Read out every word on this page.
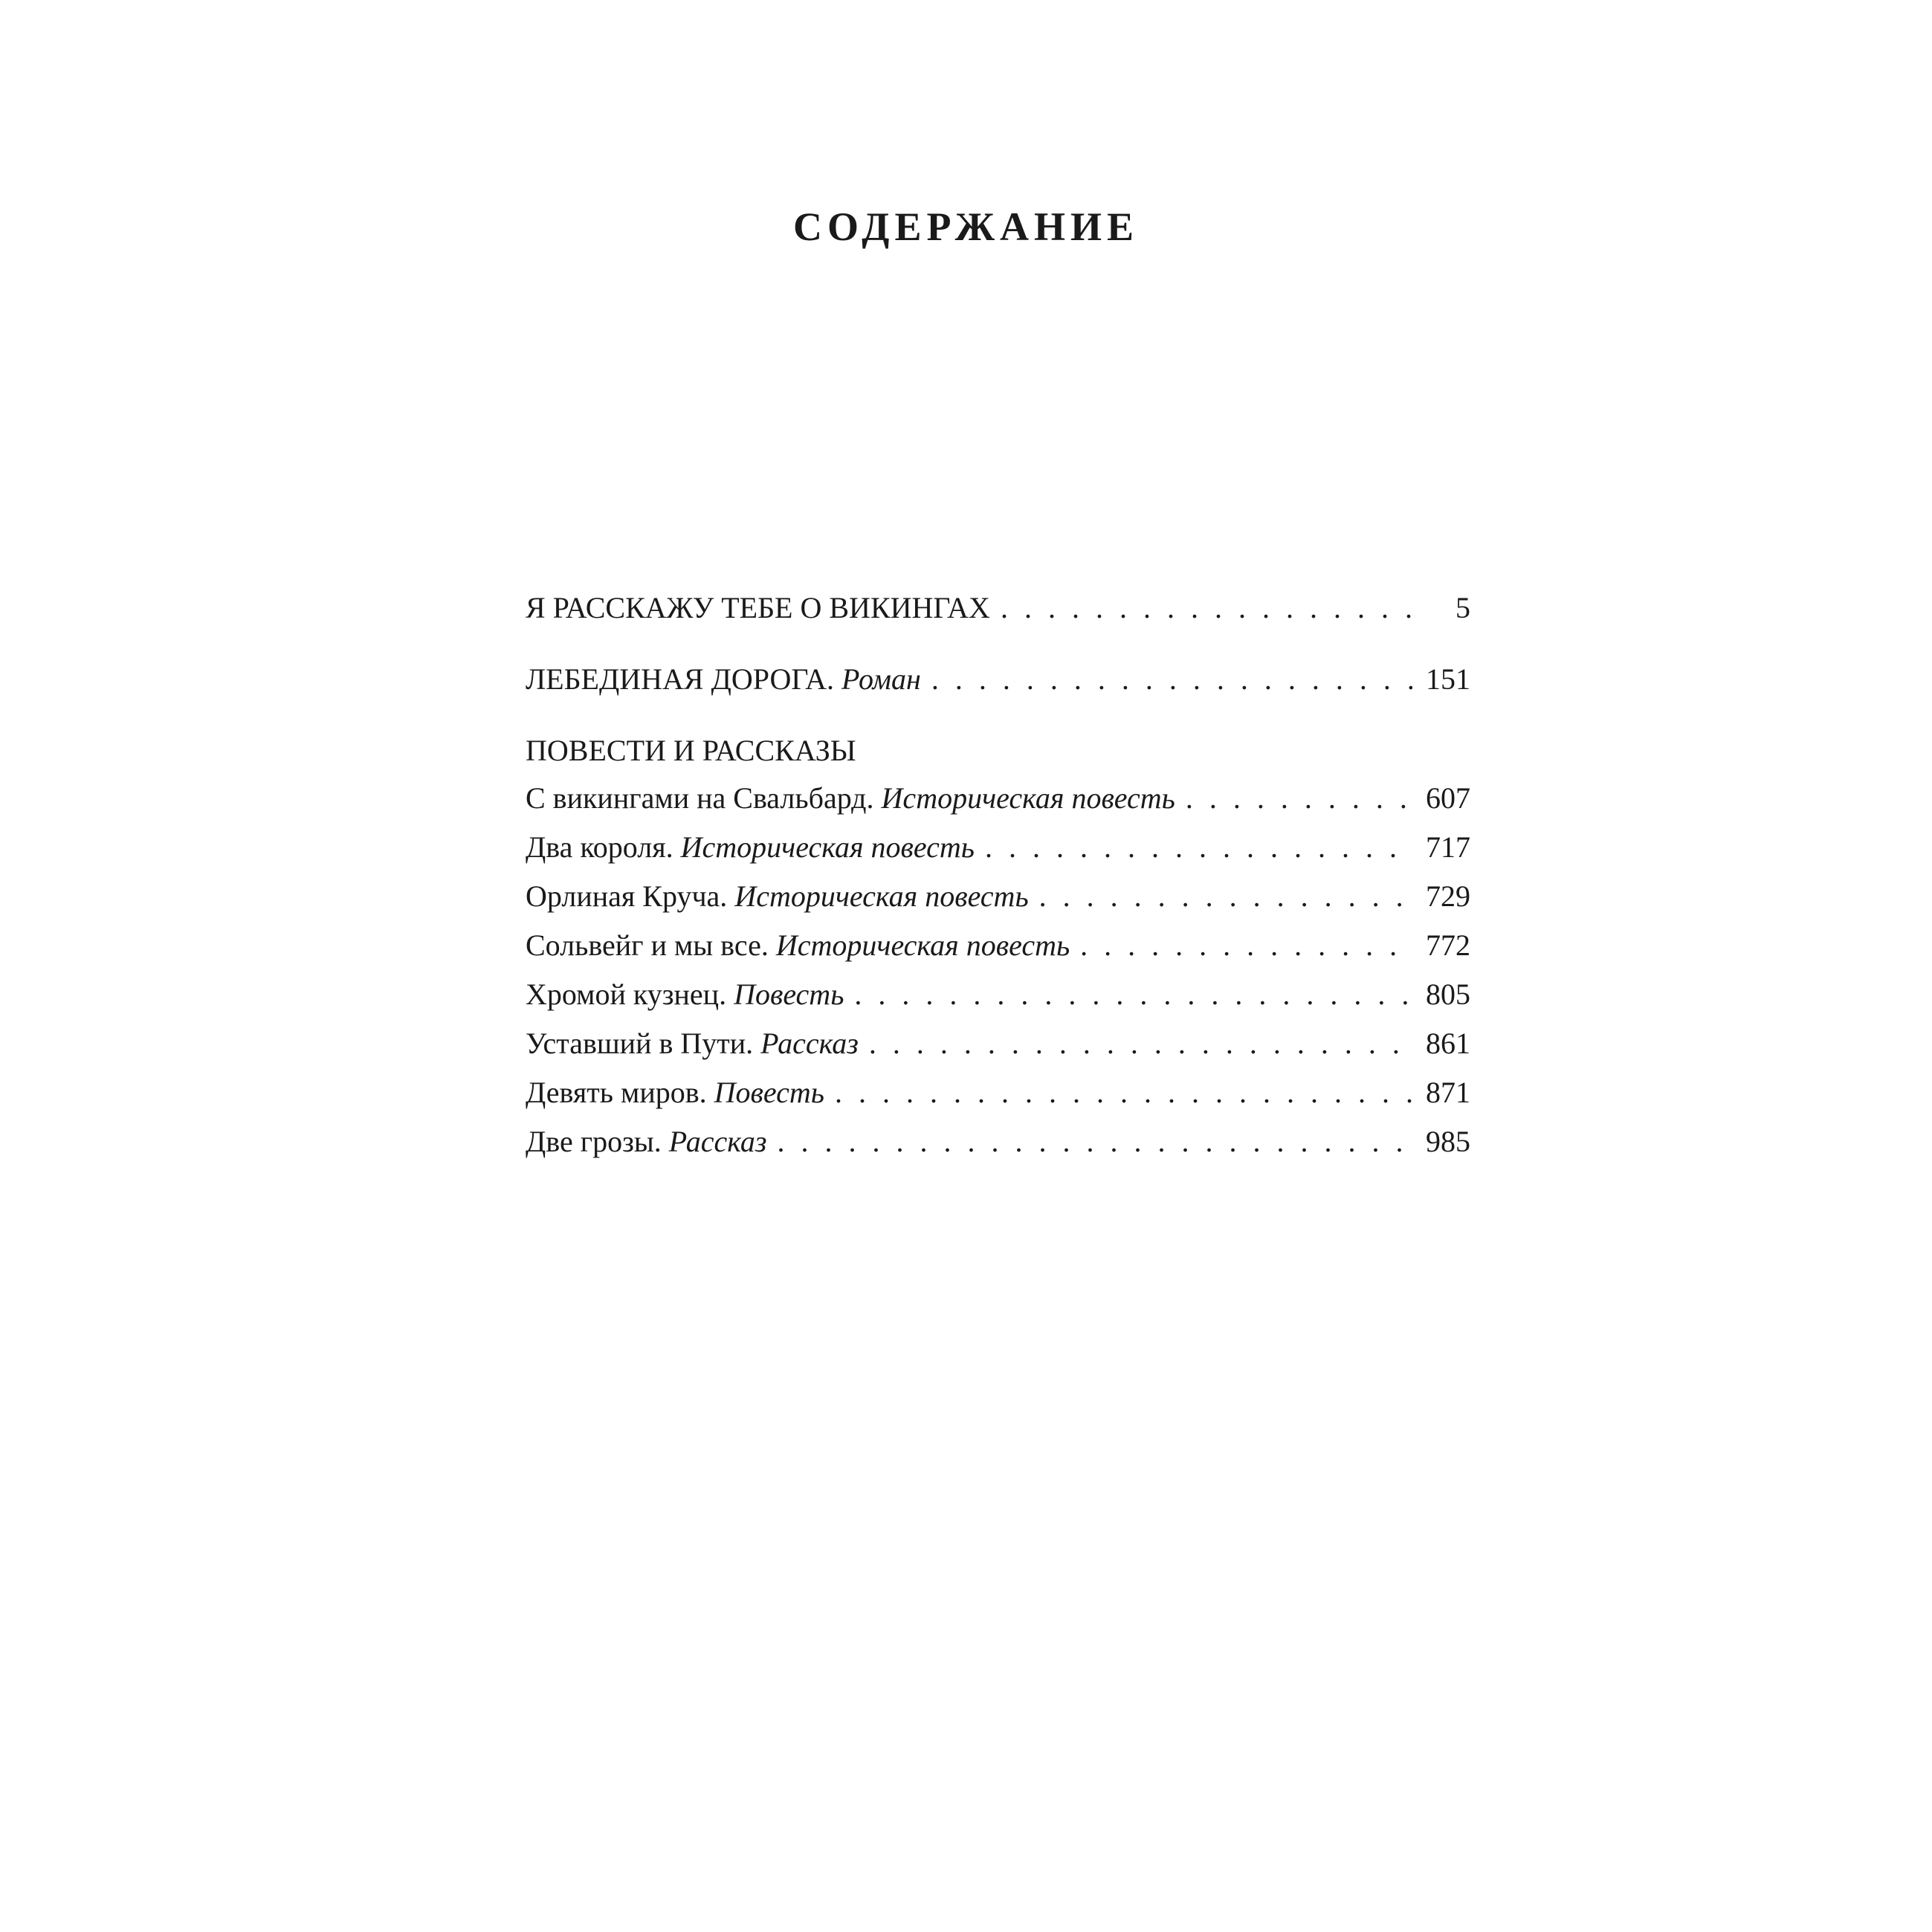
СОДЕРЖАНИЕ
Я РАССКАЖУ ТЕБЕ О ВИКИНГАХ . . .	5
ЛЕБЕДИНАЯ ДОРОГА. Роман . . .	151
ПОВЕСТИ И РАССКАЗЫ
С викингами на Свальбард. Историческая повесть . . .	607
Два короля. Историческая повесть . . .	717
Орлиная Круча. Историческая повесть . . .	729
Сольвейг и мы все. Историческая повесть . . .	772
Хромой кузнец. Повесть . . .	805
Уставший в Пути. Рассказ . . .	861
Девять миров. Повесть . . .	871
Две грозы. Рассказ . . .	985
